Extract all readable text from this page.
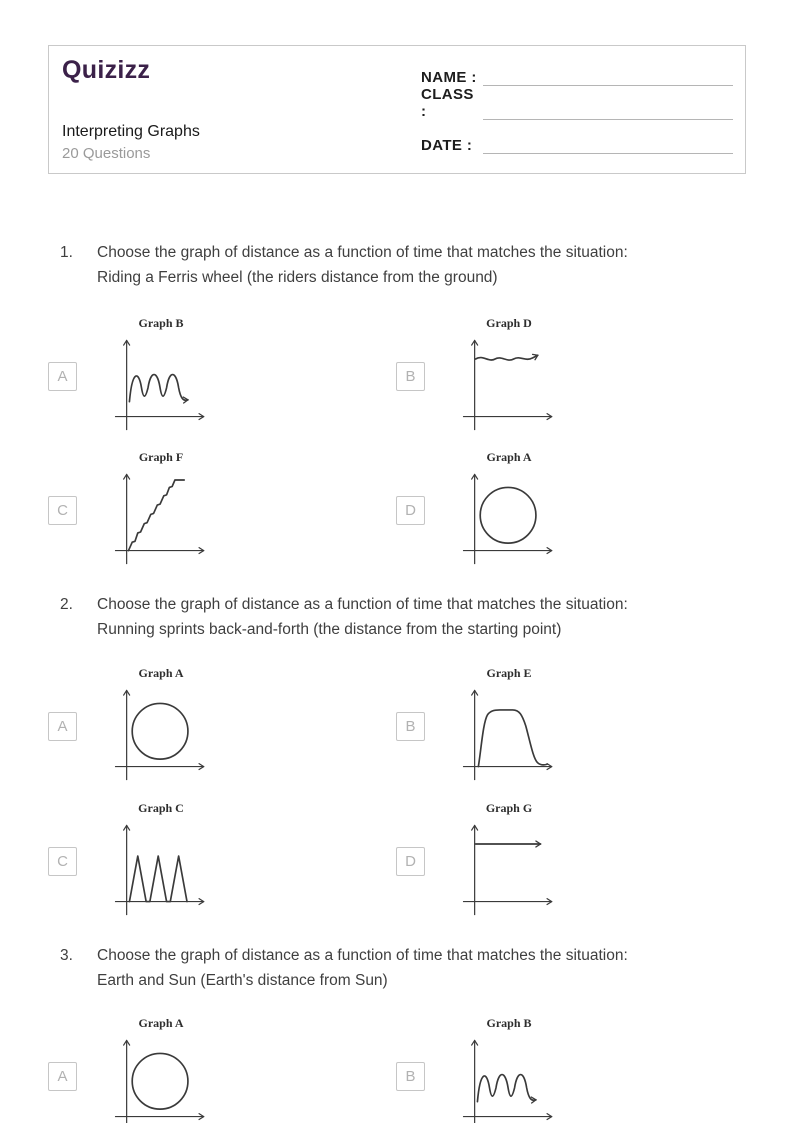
Quizizz
Interpreting Graphs
20 Questions
NAME :
CLASS :
DATE :
1.	Choose the graph of distance as a function of time that matches the situation:
Riding a Ferris wheel (the riders distance from the ground)
A
Graph B
B
Graph D
C
Graph F
D
Graph A
2.	Choose the graph of distance as a function of time that matches the situation:
Running sprints back-and-forth (the distance from the starting point)
A
Graph A
B
Graph E
C
Graph C
D
Graph G
3.	Choose the graph of distance as a function of time that matches the situation:
Earth and Sun (Earth's distance from Sun)
A
Graph A
B
Graph B
